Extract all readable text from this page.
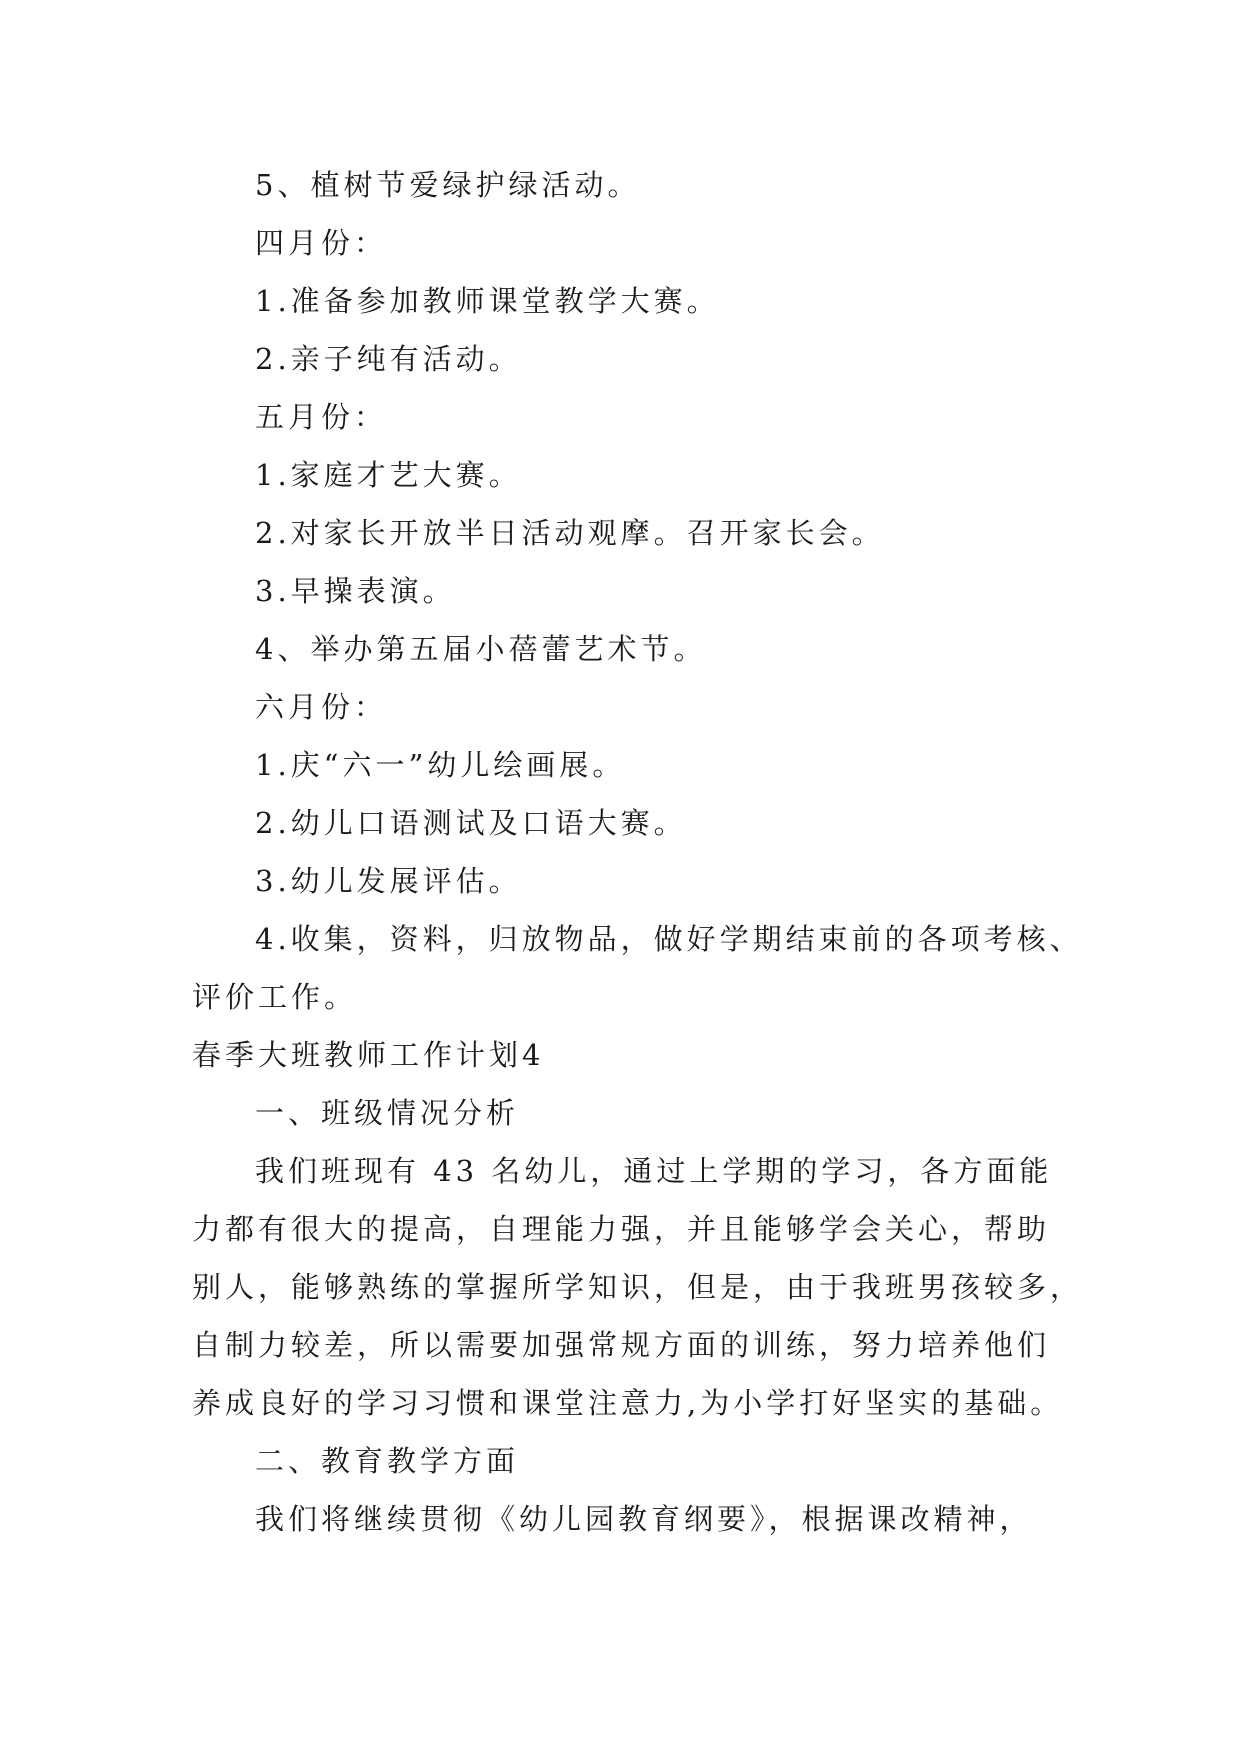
5、植树节爱绿护绿活动。
四月份：
1.准备参加教师课堂教学大赛。
2.亲子纯有活动。
五月份：
1.家庭才艺大赛。
2.对家长开放半日活动观摩。召开家长会。
3.早操表演。
4、举办第五届小蓓蕾艺术节。
六月份：
1.庆“六一”幼儿绘画展。
2.幼儿口语测试及口语大赛。
3.幼儿发展评估。
4.收集，资料，归放物品，做好学期结束前的各项考核、
评价工作。
春季大班教师工作计划4
一、班级情况分析
我们班现有 43 名幼儿，通过上学期的学习，各方面能
力都有很大的提高，自理能力强，并且能够学会关心，帮助
别人，能够熟练的掌握所学知识，但是，由于我班男孩较多，
自制力较差，所以需要加强常规方面的训练，努力培养他们
养成良好的学习习惯和课堂注意力,为小学打好坚实的基础。
二、教育教学方面
我们将继续贯彻《幼儿园教育纲要》，根据课改精神，
